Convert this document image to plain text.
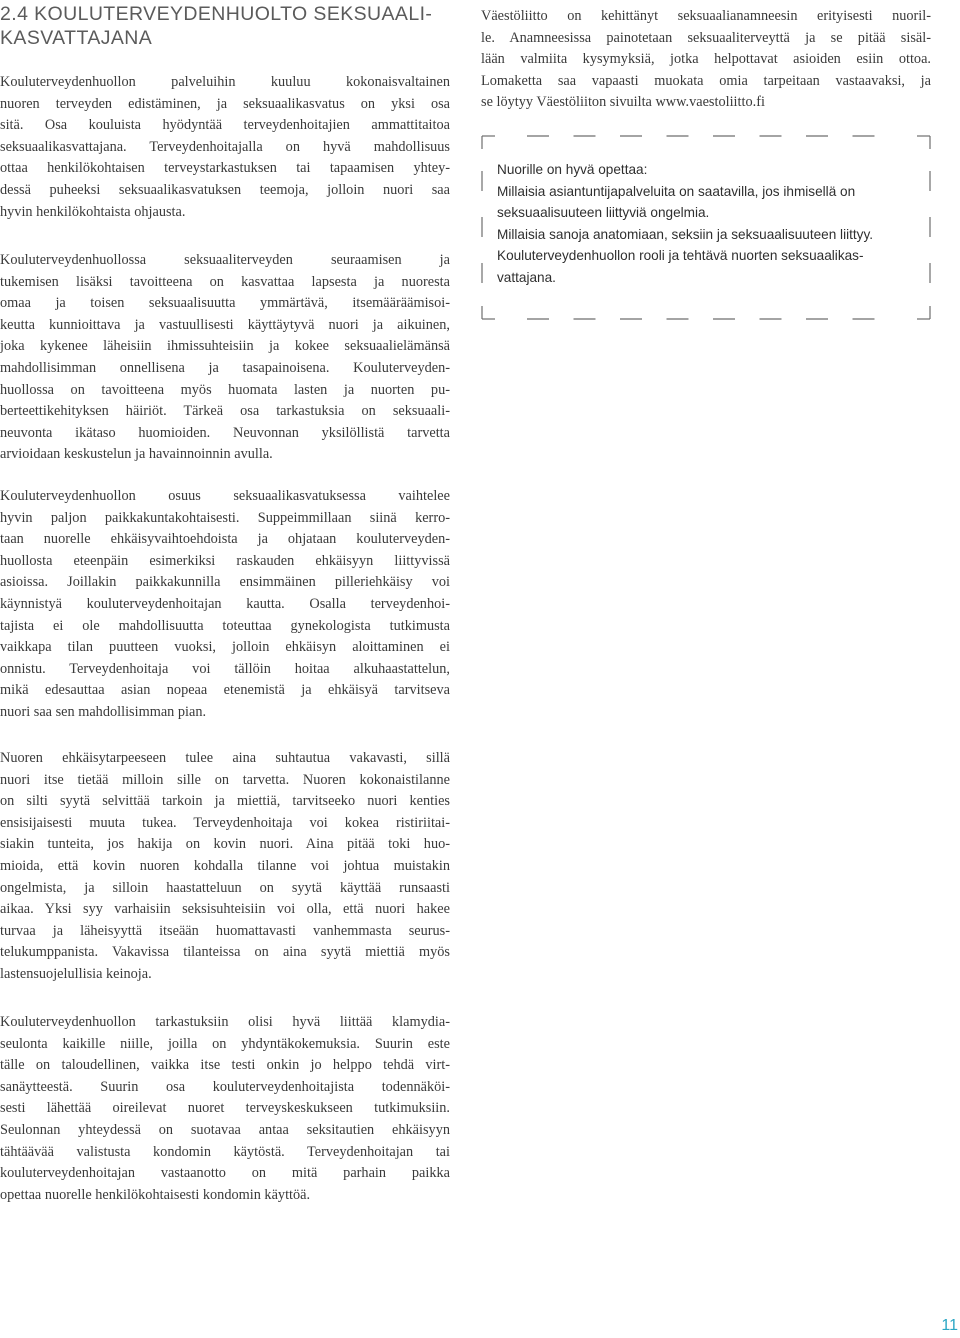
2.4 KOULUTERVEYDENHUOLTO SEKSUAALI-
KASVATTAJANA

Kouluterveydenhuollon palveluihin kuuluu kokonaisvaltainen
nuoren terveyden edistäminen, ja seksuaalikasvatus on yksi osa
sitä. Osa kouluista hyödyntää terveydenhoitajien ammattitaitoa
seksuaalikasvattajana. Terveydenhoitajalla on hyvä mahdollisuus
ottaa henkilökohtaisen terveystarkastuksen tai tapaamisen yhtey-
dessä puheeksi seksuaalikasvatuksen teemoja, jolloin nuori saa
hyvin henkilökohtaista ohjausta.

Kouluterveydenhuollossa seksuaaliterveyden seuraamisen ja
tukemisen lisäksi tavoitteena on kasvattaa lapsesta ja nuoresta
omaa ja toisen seksuaalisuutta ymmärtävä, itsemääräämisoi-
keutta kunnioittava ja vastuullisesti käyttäytyvä nuori ja aikuinen,
joka kykenee läheisiin ihmissuhteisiin ja kokee seksuaalielämänsä
mahdollisimman onnellisena ja tasapainoisena. Kouluterveyden-
huollossa on tavoitteena myös huomata lasten ja nuorten pu-
berteettikehityksen häiriöt. Tärkeä osa tarkastuksia on seksuaali-
neuvonta ikätaso huomioiden. Neuvonnan yksilöllistä tarvetta
arvioidaan keskustelun ja havainnoinnin avulla.

Kouluterveydenhuollon osuus seksuaalikasvatuksessa vaihtelee
hyvin paljon paikkakuntakohtaisesti. Suppeimmillaan siinä kerro-
taan nuorelle ehkäisyvaihtoehdoista ja ohjataan kouluterveyden-
huollosta eteenpäin esimerkiksi raskauden ehkäisyyn liittyvissä
asioissa. Joillakin paikkakunnilla ensimmäinen pilleriehkäisy voi
käynnistyä kouluterveydenhoitajan kautta. Osalla terveydenhoi-
tajista ei ole mahdollisuutta toteuttaa gynekologista tutkimusta
vaikkapa tilan puutteen vuoksi, jolloin ehkäisyn aloittaminen ei
onnistu. Terveydenhoitaja voi tällöin hoitaa alkuhaastattelun,
mikä edesauttaa asian nopeaa etenemistä ja ehkäisyä tarvitseva
nuori saa sen mahdollisimman pian.

Nuoren ehkäisytarpeeseen tulee aina suhtautua vakavasti, sillä
nuori itse tietää milloin sille on tarvetta. Nuoren kokonaistilanne
on silti syytä selvittää tarkoin ja miettiä, tarvitseeko nuori kenties
ensisijaisesti muuta tukea. Terveydenhoitaja voi kokea ristiriitai-
siakin tunteita, jos hakija on kovin nuori. Aina pitää toki huo-
mioida, että kovin nuoren kohdalla tilanne voi johtua muistakin
ongelmista, ja silloin haastatteluun on syytä käyttää runsaasti
aikaa. Yksi syy varhaisiin seksisuhteisiin voi olla, että nuori hakee
turvaa ja läheisyyttä itseään huomattavasti vanhemmasta seurus-
telukumppanista. Vakavissa tilanteissa on aina syytä miettiä myös
lastensuojelullisia keinoja.

Kouluterveydenhuollon tarkastuksiin olisi hyvä liittää klamydia-
seulonta kaikille niille, joilla on yhdyntäkokemuksia. Suurin este
tälle on taloudellinen, vaikka itse testi onkin jo helppo tehdä virt-
sanäytteestä. Suurin osa kouluterveydenhoitajista todennäköi-
sesti lähettää oireilevat nuoret terveyskeskukseen tutkimuksiin.
Seulonnan yhteydessä on suotavaa antaa seksitautien ehkäisyyn
tähtäävää valistusta kondomin käytöstä. Terveydenhoitajan tai
kouluterveydenhoitajan vastaanotto on mitä parhain paikka
opettaa nuorelle henkilökohtaisesti kondomin käyttöä.

Väestöliitto on kehittänyt seksuaalianamneesin erityisesti nuoril-
le. Anamneesissa painotetaan seksuaaliterveyttä ja se pitää sisäl-
lään valmiita kysymyksiä, jotka helpottavat asioiden esiin ottoa.
Lomaketta saa vapaasti muokata omia tarpeitaan vastaavaksi, ja
se löytyy Väestöliiton sivuilta www.vaestoliitto.fi

Nuorille on hyvä opettaa:
Millaisia asiantuntijapalveluita on saatavilla, jos ihmisellä on
seksuaalisuuteen liittyviä ongelmia.
Millaisia sanoja anatomiaan, seksiin ja seksuaalisuuteen liittyy.
Kouluterveydenhuollon rooli ja tehtävä nuorten seksuaalikas-
vattajana.
11
